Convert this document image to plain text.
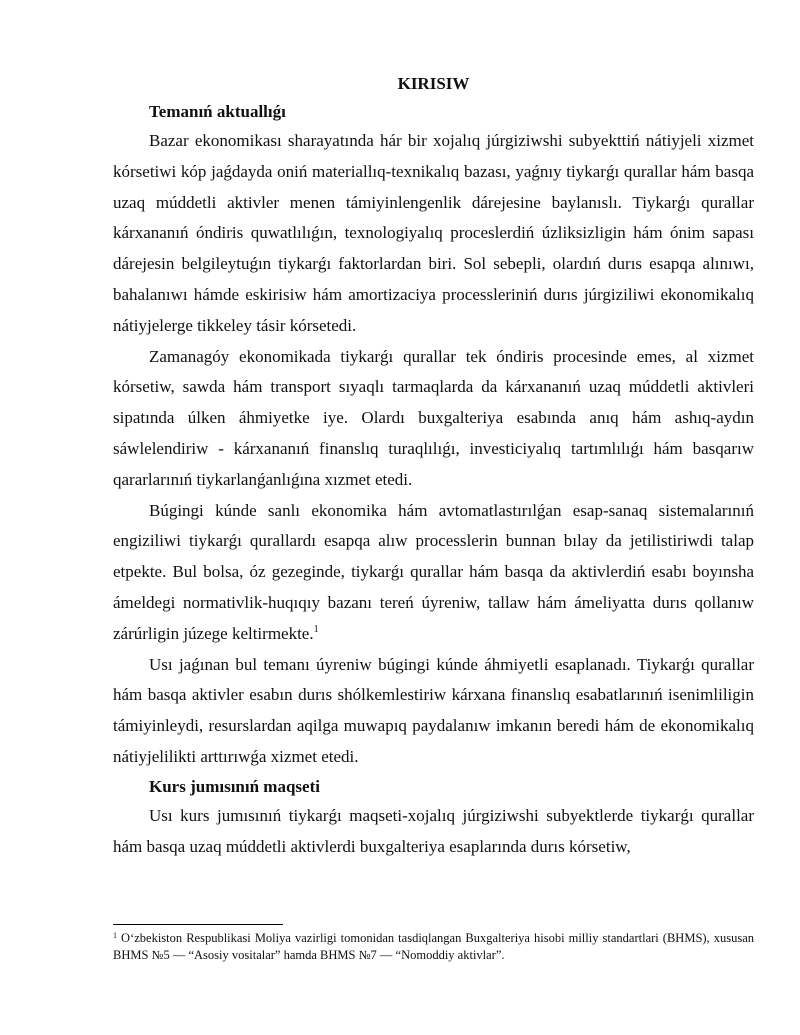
KIRISIW

Temanıń aktuallıǵı

Bazar ekonomikası sharayatında hár bir xojalıq júrgiziwshi subyekttiń nátiyjeli xizmet kórsetiwi kóp jaǵdayda oniń materiallıq-texnikalıq bazası, yaǵnıy tiykarǵı qurallar hám basqa uzaq múddetli aktivler menen támiyinlengenlik dárejesine baylanıslı. Tiykarǵı qurallar kárxananıń óndiris quwatlılıǵın, texnologiyalıq proceslerdiń úzliksizligin hám ónim sapası dárejesin belgileytuǵın tiykarǵı faktorlardan biri. Sol sebepli, olardıń durıs esapqa alınıwı, bahalanıwı hámde eskirisiw hám amortizaciya processleriniń durıs júrgiziliwi ekonomikalıq nátiyjelerge tikkeley tásir kórsetedi.

Zamanagóy ekonomikada tiykarǵı qurallar tek óndiris procesinde emes, al xizmet kórsetiw, sawda hám transport sıyaqlı tarmaqlarda da kárxananıń uzaq múddetli aktivleri sipatında úlken áhmiyetke iye. Olardı buxgalteriya esabında anıq hám ashıq-aydın sáwlelendiriw - kárxananıń finanslıq turaqlılıǵı, investiciyalıq tartımlılıǵı hám basqarıw qararlarınıń tiykarlanǵanlıǵına xızmet etedi.

Búgingi kúnde sanlı ekonomika hám avtomatlastırılǵan esap-sanaq sistemalarınıń engiziliwi tiykarǵı qurallardı esapqa alıw processlerin bunnan bılay da jetilistiriwdi talap etpekte. Bul bolsa, óz gezeginde, tiykarǵı qurallar hám basqa da aktivlerdiń esabı boyınsha ámeldegi normativlik-huqıqıy bazanı tereń úyreniw, tallaw hám ámeliyatta durıs qollanıw zárúrligin júzege keltirmekte.$^1$

Usı jaǵınan bul temanı úyreniw búgingi kúnde áhmiyetli esaplanadı. Tiykarǵı qurallar hám basqa aktivler esabın durıs shólkemlestiriw kárxana finanslıq esabatlarınıń isenimliligin támiyinleydi, resurslardan aqilga muwapıq paydalanıw imkanın beredi hám de ekonomikalıq nátiyjelilikti arttırıwǵa xizmet etedi.

Kurs jumısınıń maqseti

Usı kurs jumısınıń tiykarǵı maqseti-xojalıq júrgiziwshi subyektlerde tiykarǵı qurallar hám basqa uzaq múddetli aktivlerdi buxgalteriya esaplarında durıs kórsetiw,

$^1$ O‘zbekiston Respublikasi Moliya vazirligi tomonidan tasdiqlangan Buxgalteriya hisobi milliy standartlari (BHMS), xususan BHMS №5 — “Asosiy vositalar” hamda BHMS №7 — “Nomoddiy aktivlar”.
